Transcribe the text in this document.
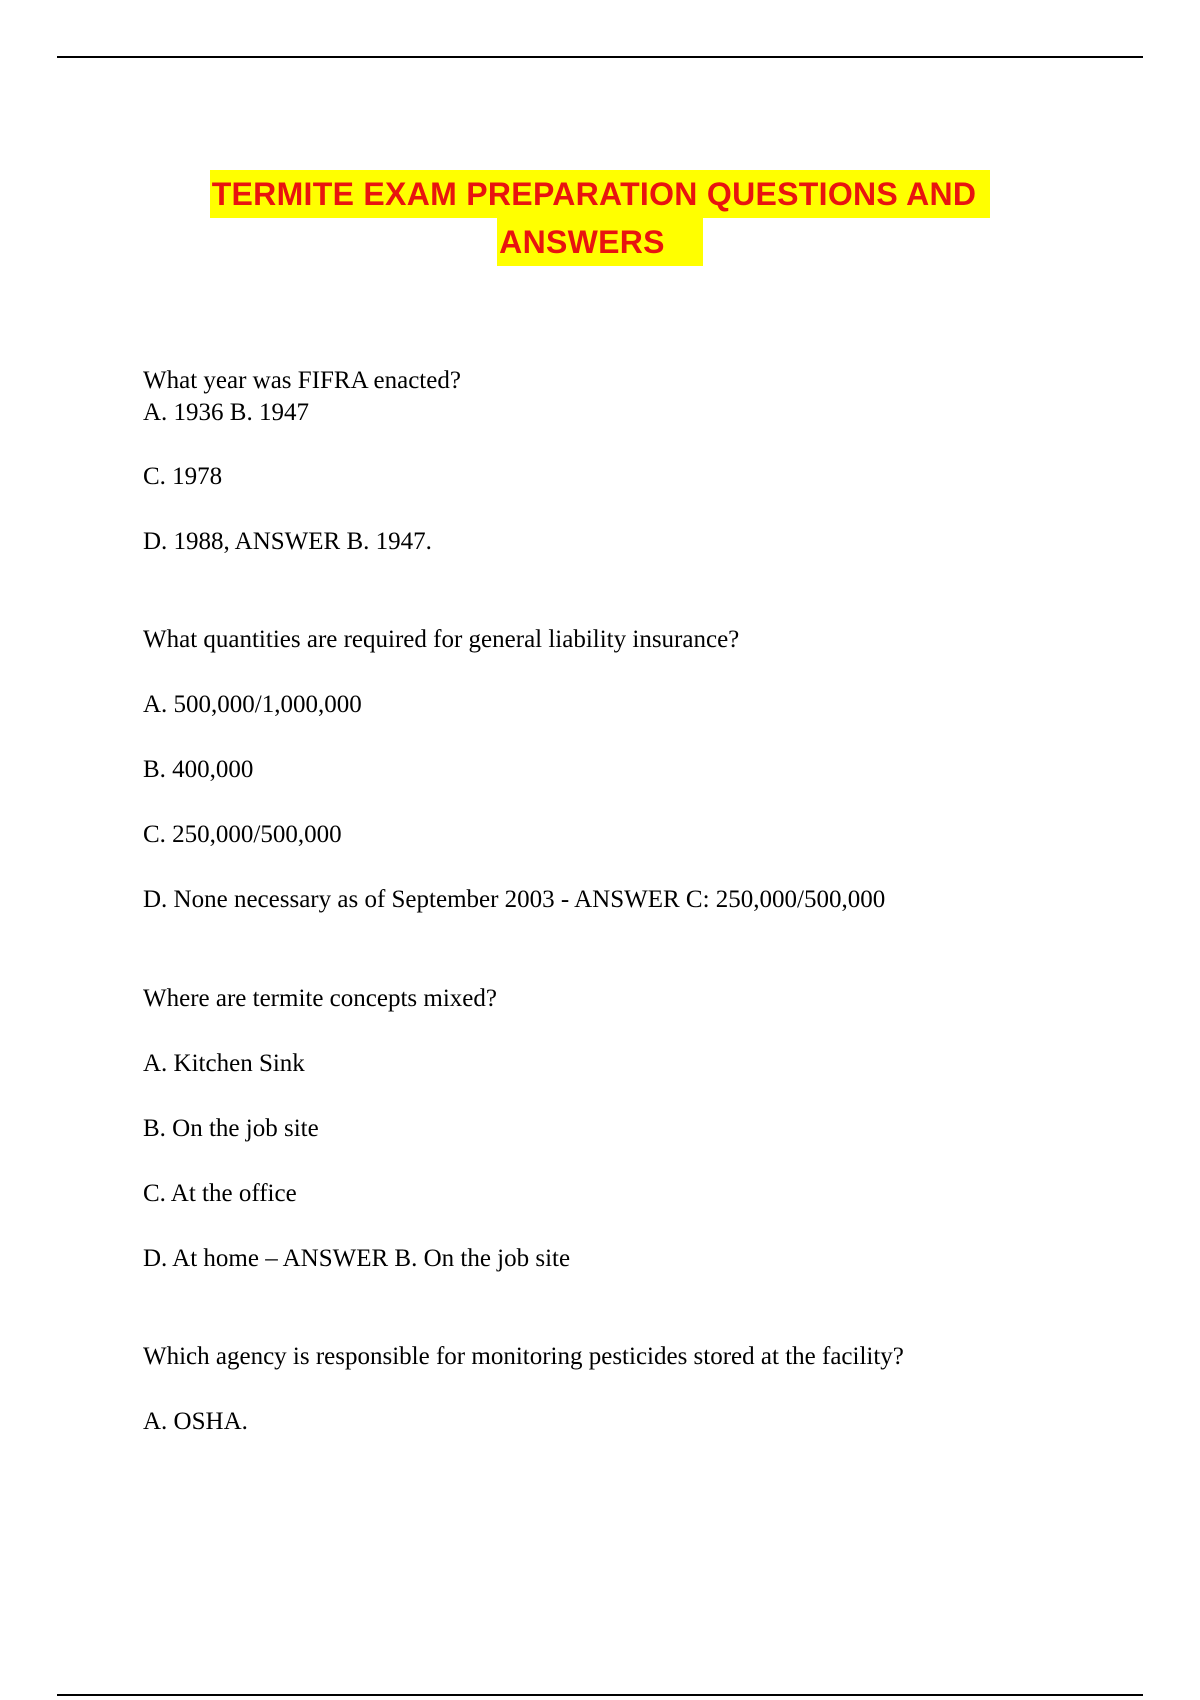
TERMITE EXAM PREPARATION QUESTIONS AND
ANSWERS
What year was FIFRA enacted?
A. 1936 B. 1947
C. 1978
D. 1988, ANSWER B. 1947.
What quantities are required for general liability insurance?
A. 500,000/1,000,000
B. 400,000
C. 250,000/500,000
D. None necessary as of September 2003 - ANSWER C: 250,000/500,000
Where are termite concepts mixed?
A. Kitchen Sink
B. On the job site
C. At the office
D. At home – ANSWER B. On the job site
Which agency is responsible for monitoring pesticides stored at the facility?
A. OSHA.
